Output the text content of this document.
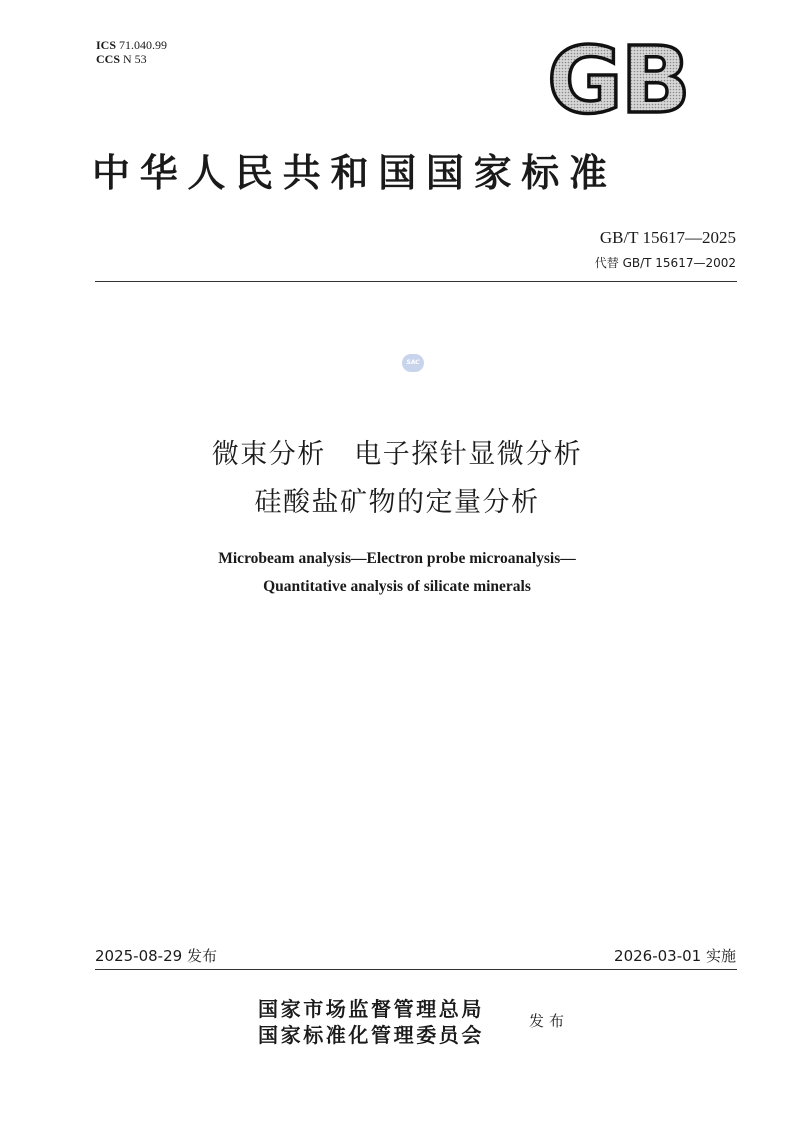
ICS 71.040.99
CCS N 53	GB
中华人民共和国国家标准
GB/T 15617—2025
代替 GB/T 15617—2002
SAC
微束分析　电子探针显微分析
硅酸盐矿物的定量分析
Microbeam analysis—Electron probe microanalysis—
Quantitative analysis of silicate minerals
2025-08-29 发布	2026-03-01 实施
国家市场监督管理总局
国家标准化管理委员会
发布
